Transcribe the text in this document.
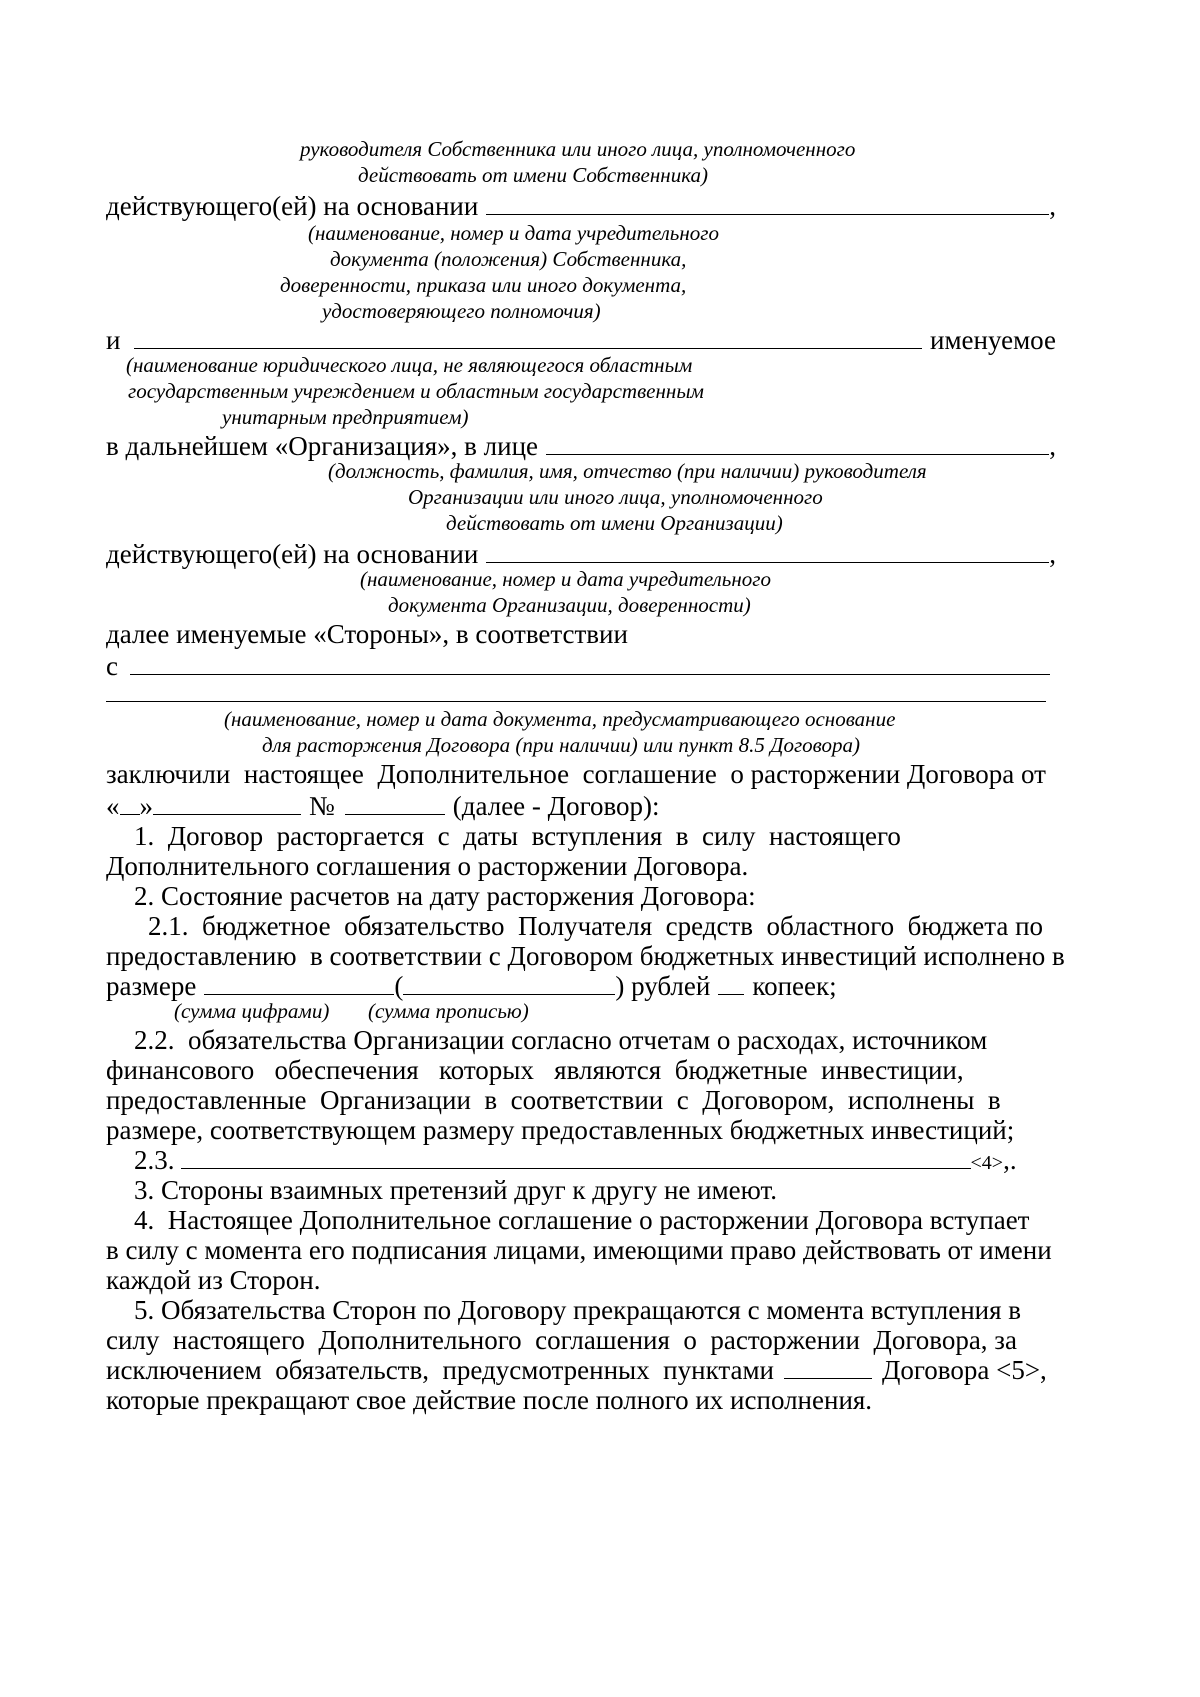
руководителя Собственника или иного лица, уполномоченного
действовать от имени Собственника)
действующего(ей) на основании	,
(наименование, номер и дата учредительного
документа (положения) Собственника,
доверенности, приказа или иного документа,
удостоверяющего полномочия)
и	именуемое
(наименование юридического лица, не являющегося областным
государственным учреждением и областным государственным
унитарным предприятием)
в дальнейшем «Организация», в лице	,
(должность, фамилия, имя, отчество (при наличии) руководителя
Организации или иного лица, уполномоченного
действовать от имени Организации)
действующего(ей) на основании	,
(наименование, номер и дата учредительного
документа Организации, доверенности)
далее именуемые «Стороны», в соответствии
с
(наименование, номер и дата документа, предусматривающего основание
для расторжения Договора (при наличии) или пункт 8.5 Договора)
заключили  настоящее  Дополнительное  соглашение  о расторжении Договора от
« »	№	(далее - Договор):
1.  Договор  расторгается  с  даты  вступления  в  силу  настоящего
Дополнительного соглашения о расторжении Договора.
2. Состояние расчетов на дату расторжения Договора:
2.1.  бюджетное  обязательство  Получателя  средств  областного  бюджета по
предоставлению  в соответствии с Договором бюджетных инвестиций исполнено в
размере	(	) рублей копеек;
(сумма цифрами) (сумма прописью)
2.2.  обязательства Организации согласно отчетам о расходах, источником
финансового   обеспечения   которых   являются  бюджетные  инвестиции,
предоставленные  Организации  в  соответствии  с  Договором,  исполнены  в
размере, соответствующем размеру предоставленных бюджетных инвестиций;
2.3.	<4> ,.
3. Стороны взаимных претензий друг к другу не имеют.
4.  Настоящее Дополнительное соглашение о расторжении Договора вступает
в силу с момента его подписания лицами, имеющими право действовать от имени
каждой из Сторон.
5. Обязательства Сторон по Договору прекращаются с момента вступления в
силу  настоящего  Дополнительного  соглашения  о  расторжении  Договора, за
исключением  обязательств,  предусмотренных  пунктами	Договора <5>,
которые прекращают свое действие после полного их исполнения.
